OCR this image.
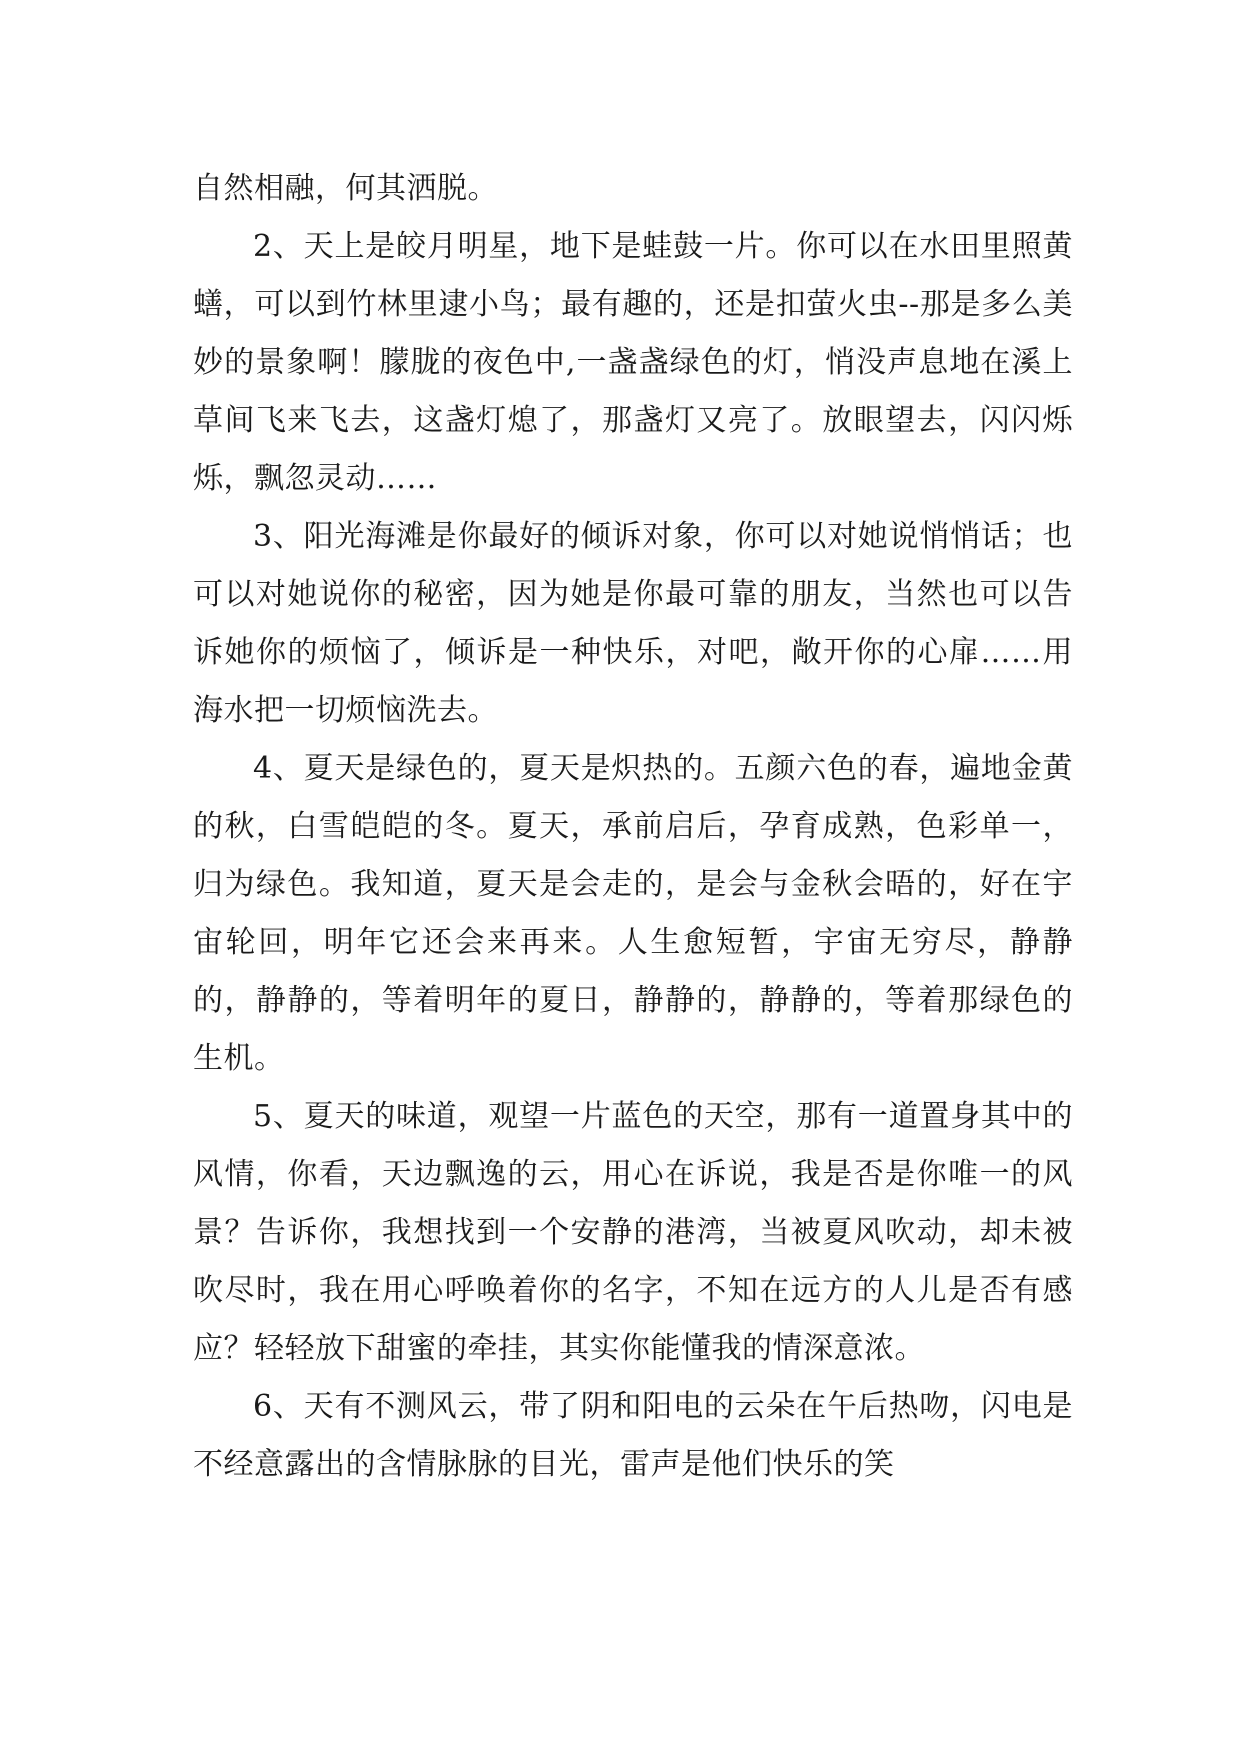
自然相融，何其洒脱。

2、天上是皎月明星，地下是蛙鼓一片。你可以在水田里照黄蟮，可以到竹林里逮小鸟；最有趣的，还是扣萤火虫--那是多么美妙的景象啊！朦胧的夜色中,一盏盏绿色的灯，悄没声息地在溪上草间飞来飞去，这盏灯熄了，那盏灯又亮了。放眼望去，闪闪烁烁，飘忽灵动……

3、阳光海滩是你最好的倾诉对象，你可以对她说悄悄话；也可以对她说你的秘密，因为她是你最可靠的朋友，当然也可以告诉她你的烦恼了，倾诉是一种快乐，对吧，敞开你的心扉……用海水把一切烦恼洗去。

4、夏天是绿色的，夏天是炽热的。五颜六色的春，遍地金黄的秋，白雪皑皑的冬。夏天，承前启后，孕育成熟，色彩单一，归为绿色。我知道，夏天是会走的，是会与金秋会晤的，好在宇宙轮回，明年它还会来再来。人生愈短暂，宇宙无穷尽，静静的，静静的，等着明年的夏日，静静的，静静的，等着那绿色的生机。

5、夏天的味道，观望一片蓝色的天空，那有一道置身其中的风情，你看，天边飘逸的云，用心在诉说，我是否是你唯一的风景？告诉你，我想找到一个安静的港湾，当被夏风吹动，却未被吹尽时，我在用心呼唤着你的名字，不知在远方的人儿是否有感应？轻轻放下甜蜜的牵挂，其实你能懂我的情深意浓。

6、天有不测风云，带了阴和阳电的云朵在午后热吻，闪电是不经意露出的含情脉脉的目光，雷声是他们快乐的笑
